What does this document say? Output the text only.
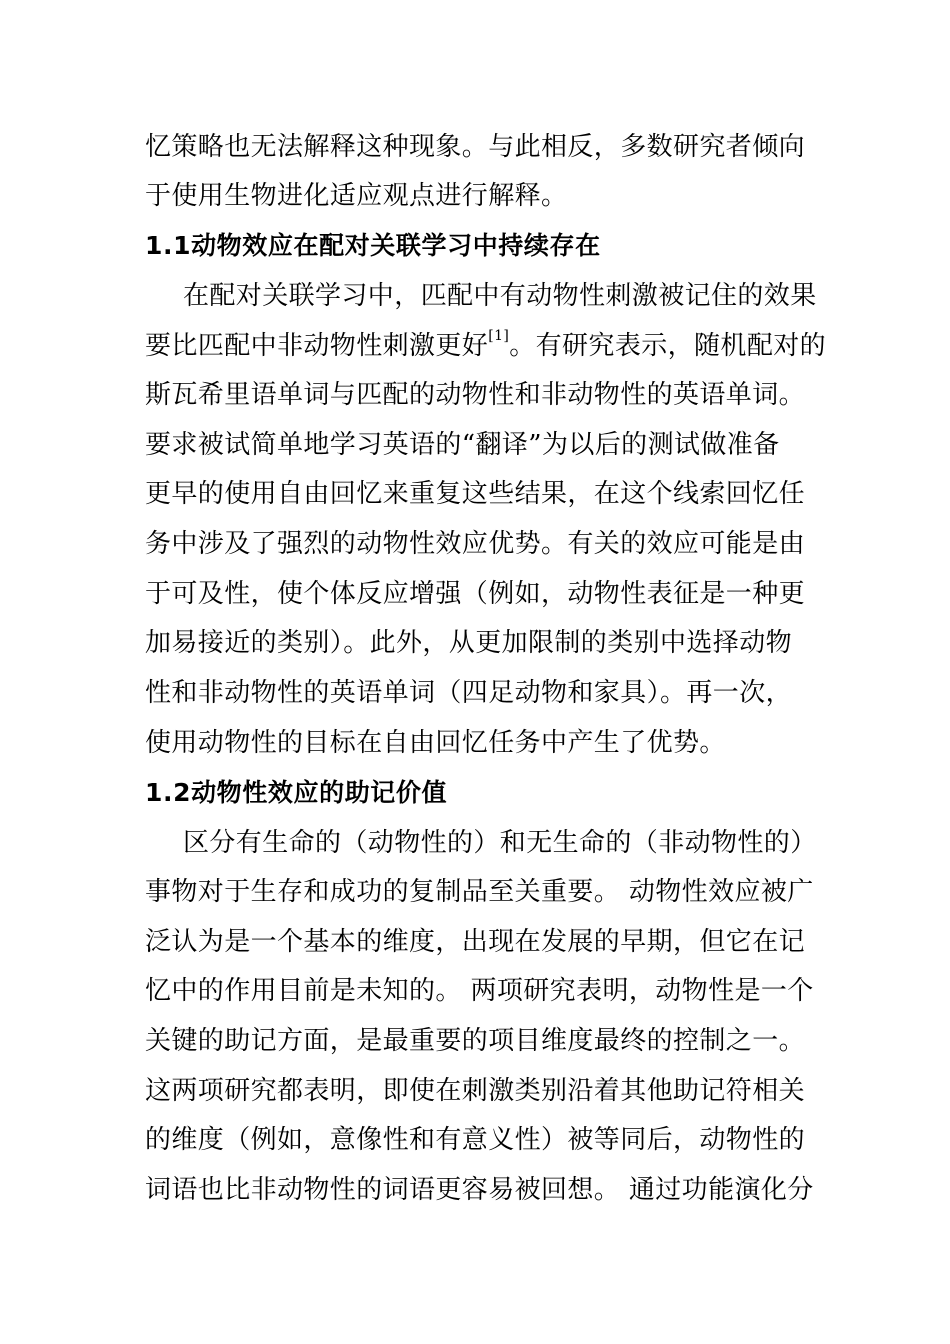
忆策略也无法解释这种现象。与此相反，多数研究者倾向
于使用生物进化适应观点进行解释。
1.1动物效应在配对关联学习中持续存在
在配对关联学习中，匹配中有动物性刺激被记住的效果
要比匹配中非动物性刺激更好[1]。有研究表示，随机配对的
斯瓦希里语单词与匹配的动物性和非动物性的英语单词。
要求被试简单地学习英语的“翻译”为以后的测试做准备
更早的使用自由回忆来重复这些结果，在这个线索回忆任
务中涉及了强烈的动物性效应优势。有关的效应可能是由
于可及性，使个体反应增强（例如，动物性表征是一种更
加易接近的类别）。此外，从更加限制的类别中选择动物
性和非动物性的英语单词（四足动物和家具）。再一次，
使用动物性的目标在自由回忆任务中产生了优势。
1.2动物性效应的助记价值
区分有生命的（动物性的）和无生命的（非动物性的）
事物对于生存和成功的复制品至关重要。 动物性效应被广
泛认为是一个基本的维度，出现在发展的早期，但它在记
忆中的作用目前是未知的。 两项研究表明，动物性是一个
关键的助记方面，是最重要的项目维度最终的控制之一。
这两项研究都表明，即使在刺激类别沿着其他助记符相关
的维度（例如，意像性和有意义性）被等同后，动物性的
词语也比非动物性的词语更容易被回想。 通过功能演化分
